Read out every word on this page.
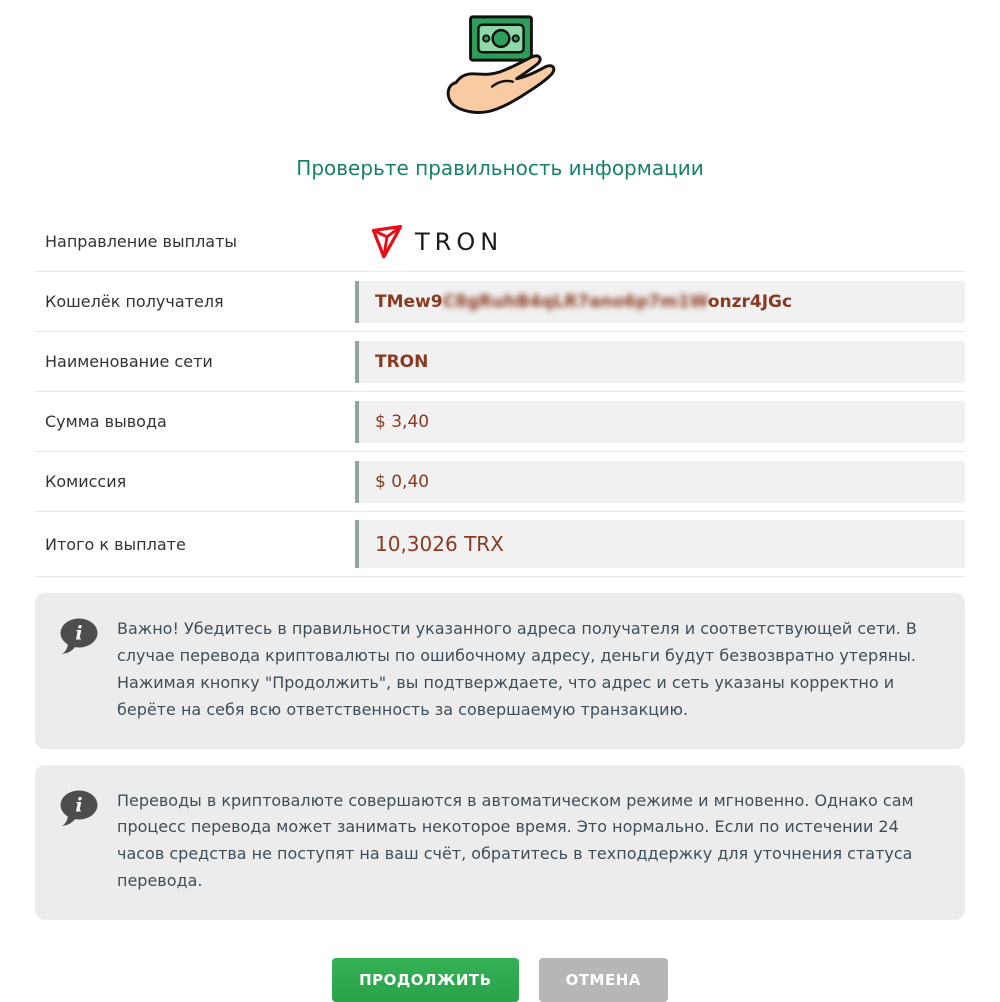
Проверьте правильность информации
Направление выплаты	TRON
Кошелёк получателя	TMew9C8gRuhB4qLR7ano6p7m1Wonzr4JGc
Наименование сети	TRON
Сумма вывода	$ 3,40
Комиссия	$ 0,40
Итого к выплате	10,3026 TRX
i Важно! Убедитесь в правильности указанного адреса получателя и соответствующей сети. В случае перевода криптовалюты по ошибочному адресу, деньги будут безвозвратно утеряны. Нажимая кнопку "Продолжить", вы подтверждаете, что адрес и сеть указаны корректно и берёте на себя всю ответственность за совершаемую транзакцию.
i Переводы в криптовалюте совершаются в автоматическом режиме и мгновенно. Однако сам процесс перевода может занимать некоторое время. Это нормально. Если по истечении 24 часов средства не поступят на ваш счёт, обратитесь в техподдержку для уточнения статуса перевода.
ПРОДОЛЖИТЬ	ОТМЕНА
